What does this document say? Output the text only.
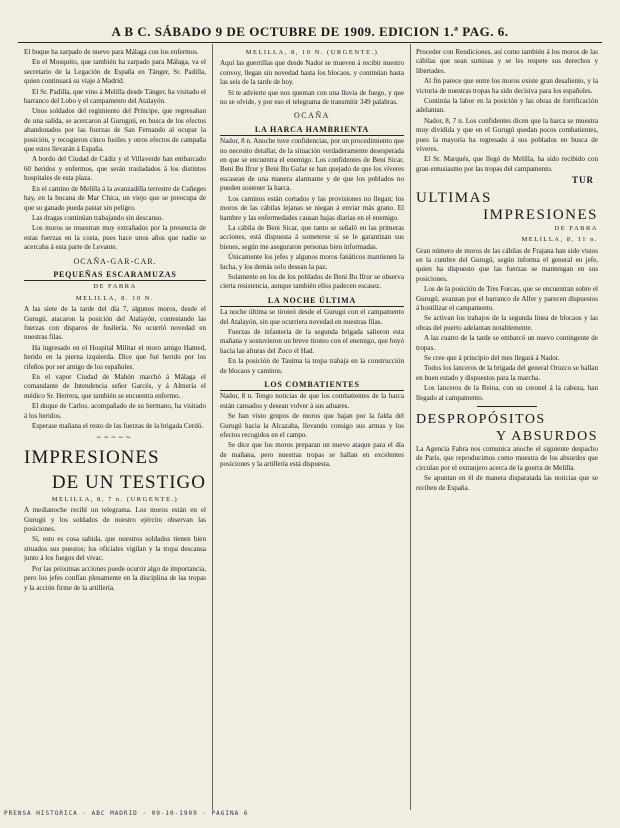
A B C. SÁBADO 9 DE OCTUBRE DE 1909. EDICION 1.ª PAG. 6.

El buque ha zarpado de nuevo para Málaga con los enfermos.

En el Mosquito, que también ha zarpado para Málaga, va el secretario de la Legación de España en Tánger, Sr. Padilla, quien continuará su viaje á Madrid.

El Sr. Padilla, que vino á Melilla desde Tánger, ha visitado el barranco del Lobo y el campamento del Atalayón.

Unos soldados del regimiento del Príncipe, que regresaban de una salida, se acercaron al Guruguú, en busca de los efectos abandonados por las fuerzas de San Fernando al ocupar la posición, y recogieron cinco fusiles y otros efectos de campaña que estos llevarán á España.

A bordo del Ciudad de Cádiz y el Villaverde han embarcado 60 heridos y enfermos, que serán trasladados á los distintos hospitales de esta plaza.

En el camino de Melilla á la avanzadilla terrestre de Cuñeges hay, en la bocana de Mar Chica, un viejo que se preocupa de que su ganado pueda pastar sin peligro.

Las dragas continúan trabajando sin descanso.

Los moros se muestran muy extrañados por la presencia de estas fuerzas en la costa, pues hace unos años que nadie se acercaba á esta parte de Levante.

OCAÑA-GAR-CAR.
PEQUEÑAS ESCARAMUZAS
DE FABRA
MELILLA, 8. 10 N.

A las siete de la tarde del día 7, algunos moros, desde el Gurugú, atacaron la posición del Atalayón, contestando las fuerzas con disparos de fusilería. No ocurrió novedad en nuestras filas.

Ha ingresado en el Hospital Militar el moro amigo Hamed, herido en la pierna izquierda. Dice que fué herido por los rifeños por ser amigo de los españoles.

En el vapor Ciudad de Mahón marchó á Málaga el comandante de Intendencia señor Garcés, y á Almería el médico Sr. Herrera, que también se encuentra enfermo.

El duque de Carlos, acompañado de su hermano, ha visitado á los heridos.

Esperase mañana el resto de las fuerzas de la brigada Cerdó.

~~~~~
IMPRESIONES
DE UN TESTIGO
MELILLA, 8, 7 n. (URGENTE.)

A medianoche recibí un telegrama. Los moros están en el Gurugú y los soldados de nuestro ejército observan las posiciones.

Sí, esto es cosa sabida, que nuestros soldados tienen bien situados sus puestos; los oficiales vigilan y la tropa descansa junto á los fuegos del vivac.

Por las próximas acciones puede ocurrir algo de importancia, pero los jefes confían plenamente en la disciplina de las tropas y la acción firme de la artillería.

MELILLA, 8, 10 N. (URGENTE.)

Aquí las guerrillas que desde Nador se mueven á recibir nuestro convoy, llegan sin novedad hasta los blocaos, y continúan hasta las seis de la tarde de hoy.

Si te advierte que nos queman con una lluvia de fuego, y que no se olvide, y por eso el telegrama de transmitir 349 palabras.

OCAÑA
LA HARCA HAMBRIENTA

Nador, 8 n. Anoche tuve confidencias, por un procedimiento que no necesito detallar, de la situación verdaderamente desesperada en que se encuentra el enemigo. Los confidentes de Beni Sicar, Beni Bu Ifrur y Beni Bu Gafar se han quejado de que los víveres escasean de una manera alarmante y de que los poblados no pueden sostener la harca.

Los caminos están cortados y las provisiones no llegan; los moros de las cábilas lejanas se niegan á enviar más grano. El hambre y las enfermedades causan bajas diarias en el enemigo.

La cábila de Beni Sicar, que tanto se señaló en las primeras acciones, está dispuesta á someterse si se le garantizan sus bienes, según me aseguraron personas bien informadas.

Únicamente los jefes y algunos moros fanáticos mantienen la lucha, y los demás solo desean la paz.

Solamente en los de los poblados de Beni Bu Ifrur se observa cierta resistencia, aunque también ellos padecen escasez.

LA NOCHE ÚLTIMA

La noche última se tiroteó desde el Gurugú con el campamento del Atalayón, sin que ocurriera novedad en nuestras filas.

Fuerzas de infantería de la segunda brigada salieron esta mañana y sostuvieron un breve tiroteo con el enemigo, que huyó hacia las alturas del Zoco el Had.

En la posición de Tauima la tropa trabaja en la construcción de blocaos y caminos.

LOS COMBATIENTES

Nador, 8 n. Tengo noticias de que los combatientes de la harca están cansados y desean volver á sus aduares.

Se han visto grupos de moros que bajan por la falda del Gurugú hacia la Alcazaba, llevando consigo sus armas y los efectos recogidos en el campo.

Se dice que los moros preparan un nuevo ataque para el día de mañana, pero nuestras tropas se hallan en excelentes posiciones y la artillería está dispuesta.

Proceder con Rendiciones, así como también á los moros de las cábilas que sean sumisas y se les respete sus derechos y libertades.

Al fin parece que entre los moros existe gran desaliento, y la victoria de nuestras tropas ha sido decisiva para los españoles.

Continúa la labor en la posición y las obras de fortificación adelantan.

Nador, 8, 7 n. Los confidentes dicen que la harca se muestra muy dividida y que en el Gurugú quedan pocos combatientes, pues la mayoría ha regresado á sus poblados en busca de víveres.

El Sr. Marqués, que llegó de Melilla, ha sido recibido con gran entusiasmo por las tropas del campamento.

TUR
ULTIMAS
IMPRESIONES
DE FABRA
MELILLA, 8, 11 n.

Gran número de moros de las cábilas de Frajana han sido vistos en la cumbre del Gurugú, según informa el general en jefe, quien ha dispuesto que las fuerzas se mantengan en sus posiciones.

Los de la posición de Tres Forcas, que se encuentran sobre el Gurugú, avanzan por el barranco de Alfer y parecen dispuestos á hostilizar el campamento.

Se activan los trabajos de la segunda línea de blocaos y las obras del puerto adelantan notablemente.

A las cuatro de la tarde se embarcó un nuevo contingente de tropas.

Se cree que á principio del mes llegará á Nador.

Todos los lanceros de la brigada del general Orozco se hallan en buen estado y dispuestos para la marcha.

Los lanceros de la Reina, con su coronel á la cabeza, han llegado al campamento.

DESPROPÓSITOS
Y ABSURDOS

La Agencia Fabra nos comunica anoche el siguiente despacho de París, que reproducimos como muestra de los absurdos que circulan por el extranjero acerca de la guerra de Melilla.

Se apuntan en él de manera disparatada las noticias que se reciben de España.

PRENSA HISTÓRICA · ABC MADRID · 09-10-1909 · PÁGINA 6
